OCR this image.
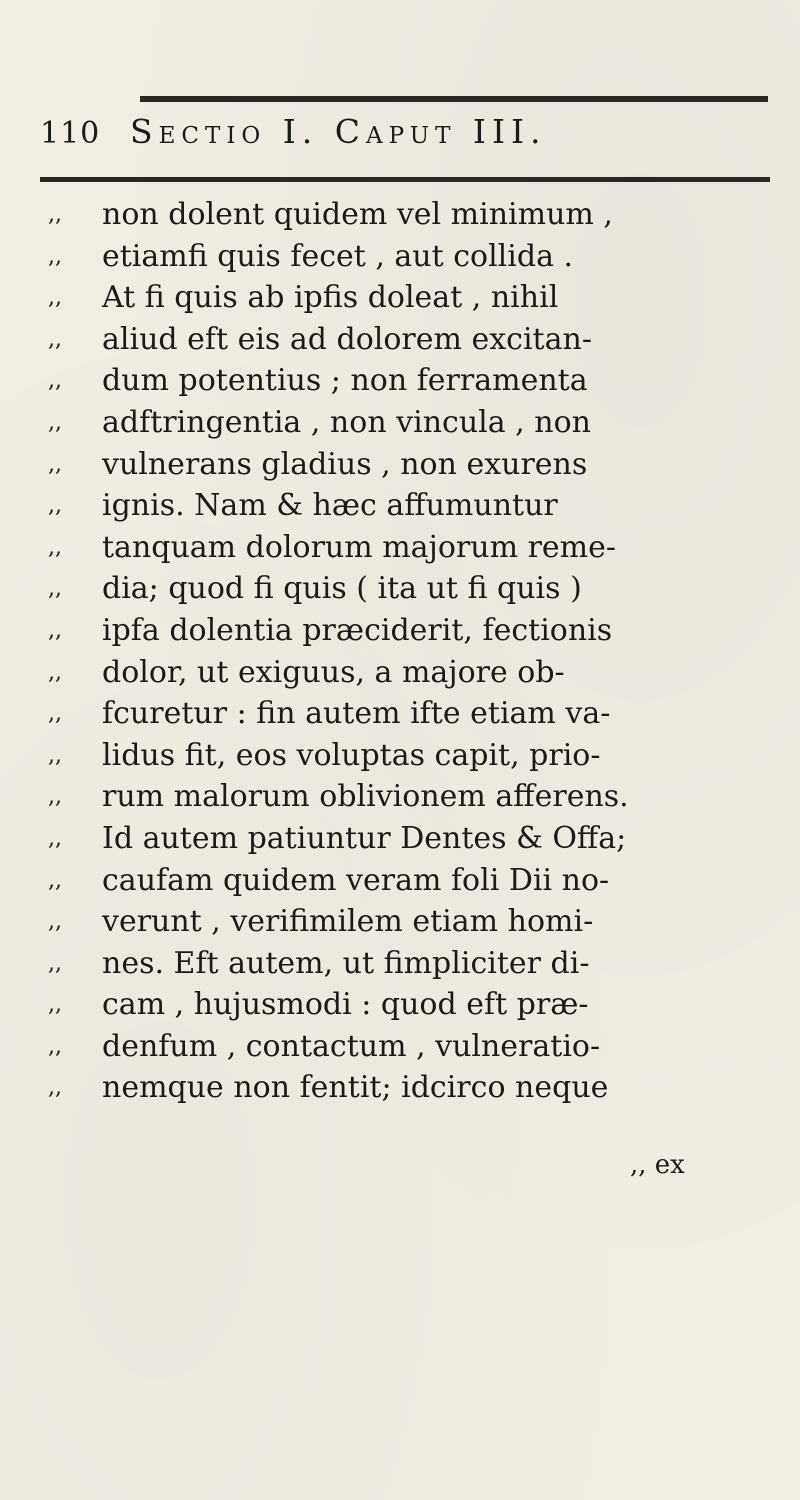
110 Sectio I. Caput III.
,,	non dolent quidem vel minimum ,
,,	etiamfi quis fecet , aut collida .
,,	At fi quis ab ipfis doleat , nihil
,,	aliud eft eis ad dolorem excitan-
,,	dum potentius ; non ferramenta
,,	adftringentia , non vincula , non
,,	vulnerans gladius , non exurens
,,	ignis. Nam & hæc affumuntur
,,	tanquam dolorum majorum reme-
,,	dia; quod fi quis ( ita ut fi quis )
,,	ipfa dolentia præciderit, fectionis
,,	dolor, ut exiguus, a majore ob-
,,	fcuretur : fin autem ifte etiam va-
,,	lidus fit, eos voluptas capit, prio-
,,	rum malorum oblivionem afferens.
,,	Id autem patiuntur Dentes & Offa;
,,	caufam quidem veram foli Dii no-
,,	verunt , verifimilem etiam homi-
,,	nes. Eft autem, ut fimpliciter di-
,,	cam , hujusmodi : quod eft præ-
,,	denfum , contactum , vulneratio-
,,	nemque non fentit; idcirco neque
,, ex
